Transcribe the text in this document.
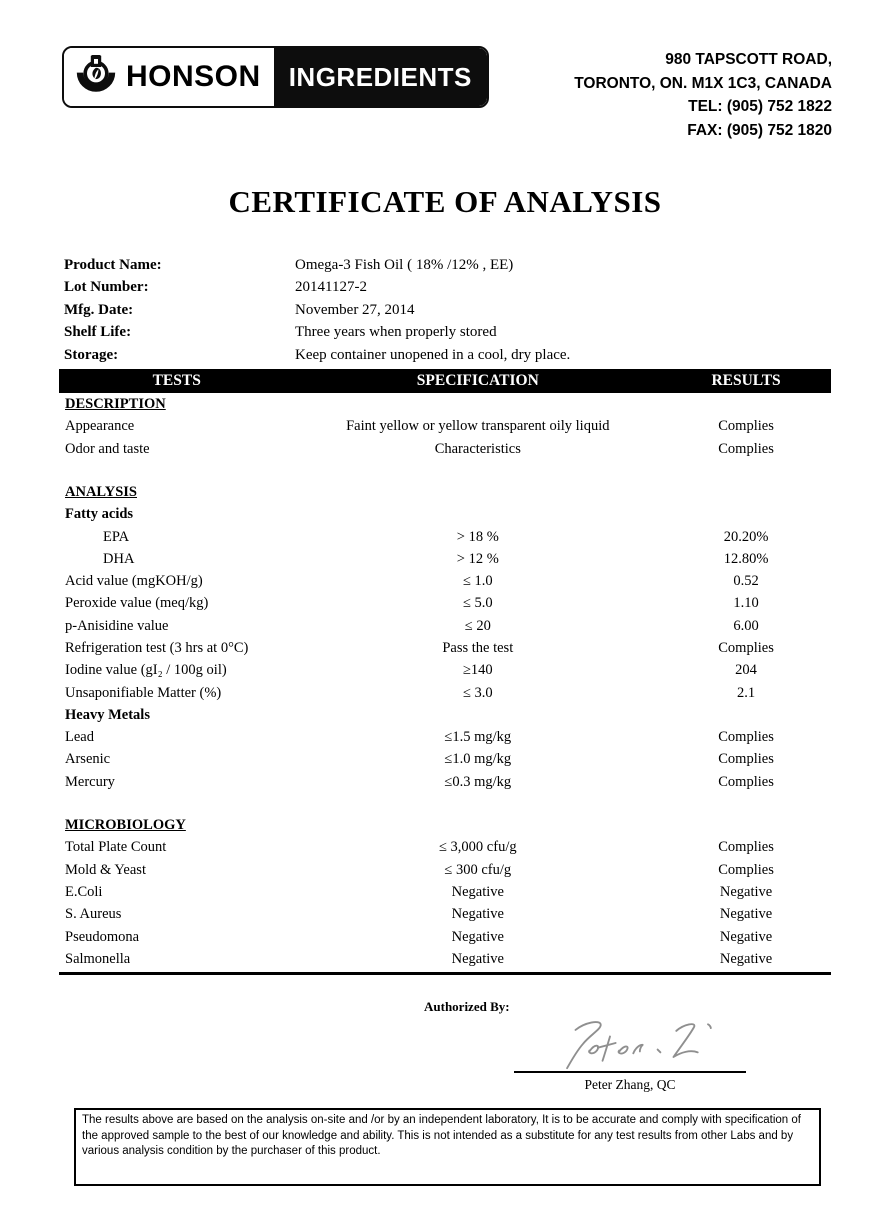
HONSON	INGREDIENTS
980 TAPSCOTT ROAD,
TORONTO, ON. M1X 1C3, CANADA
TEL: (905) 752 1822
FAX: (905) 752 1820
CERTIFICATE OF ANALYSIS
Product Name:	Omega-3 Fish Oil ( 18% /12% , EE)
Lot Number:	20141127-2
Mfg. Date:	November 27, 2014
Shelf Life:	Three years when properly stored
Storage:	Keep container unopened in a cool, dry place.
TESTS	SPECIFICATION	RESULTS
DESCRIPTION
Appearance	Faint yellow or yellow transparent oily liquid	Complies
Odor and taste	Characteristics	Complies
ANALYSIS
Fatty acids
EPA	> 18 %	20.20%
DHA	> 12 %	12.80%
Acid value (mgKOH/g)	≤ 1.0	0.52
Peroxide value (meq/kg)	≤ 5.0	1.10
p-Anisidine value	≤ 20	6.00
Refrigeration test (3 hrs at 0°C)	Pass the test	Complies
Iodine value (gI₂ / 100g oil)	≥140	204
Unsaponifiable Matter (%)	≤ 3.0	2.1
Heavy Metals
Lead	≤1.5 mg/kg	Complies
Arsenic	≤1.0 mg/kg	Complies
Mercury	≤0.3 mg/kg	Complies
MICROBIOLOGY
Total Plate Count	≤ 3,000 cfu/g	Complies
Mold & Yeast	≤ 300 cfu/g	Complies
E.Coli	Negative	Negative
S. Aureus	Negative	Negative
Pseudomona	Negative	Negative
Salmonella	Negative	Negative
Authorized By:
Peter Zhang, QC
The results above are based on the analysis on-site and /or by an independent laboratory, It is to be accurate and comply with specification of the approved sample to the best of our knowledge and ability. This is not intended as a substitute for any test results from other Labs and by various analysis condition by the purchaser of this product.
